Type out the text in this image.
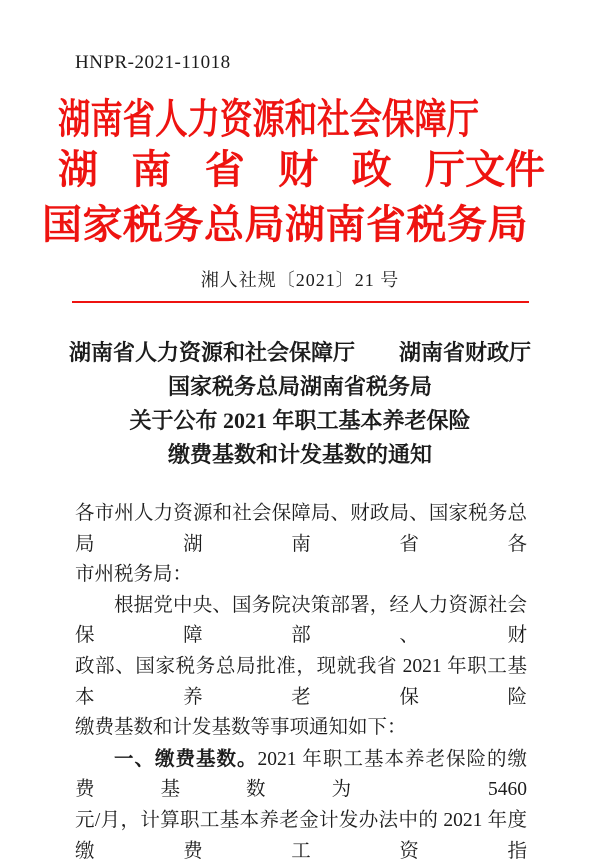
HNPR-2021-11018
湖南省人力资源和社会保障厅
湖 南 省 财 政 厅文件
国家税务总局湖南省税务局
湘人社规〔2021〕21 号
湖南省人力资源和社会保障厅　　湖南省财政厅
国家税务总局湖南省税务局
关于公布 2021 年职工基本养老保险
缴费基数和计发基数的通知
各市州人力资源和社会保障局、财政局、国家税务总局湖南省各
市州税务局：
根据党中央、国务院决策部署，经人力资源社会保障部、财
政部、国家税务总局批准，现就我省 2021 年职工基本养老保险
缴费基数和计发基数等事项通知如下：
一、缴费基数。2021 年职工基本养老保险的缴费基数为 5460
元/月，计算职工基本养老金计发办法中的 2021 年度缴费工资指
